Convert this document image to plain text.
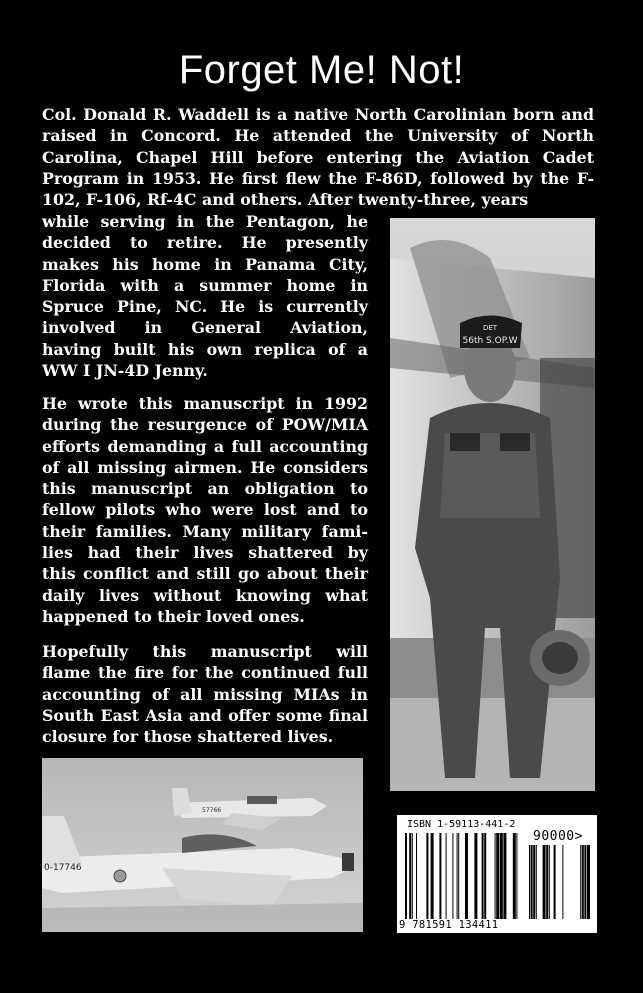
Forget Me! Not!
Col. Donald R. Waddell is a native North Carolinian born and
raised in Concord. He attended the University of North
Carolina, Chapel Hill before entering the Aviation Cadet
Program in 1953. He first flew the F-86D, followed by the F-
102, F-106, Rf-4C and others. After twenty-three, years
while serving in the Pentagon, he
decided to retire. He presently
makes his home in Panama City,
Florida with a summer home in
Spruce Pine, NC. He is currently
involved in General Aviation,
having built his own replica of a
WW I JN-4D Jenny.
He wrote this manuscript in 1992
during the resurgence of POW/MIA
efforts demanding a full accounting
of all missing airmen. He considers
this manuscript an obligation to
fellow pilots who were lost and to
their families. Many military fami-
lies had their lives shattered by
this conflict and still go about their
daily lives without knowing what
happened to their loved ones.
Hopefully this manuscript will
flame the fire for the continued full
accounting of all missing MIAs in
South East Asia and offer some final
closure for those shattered lives.
56th S.OP.W
DET
57766
0-17746
ISBN 1-59113-441-2
90000>
9 781591 134411
